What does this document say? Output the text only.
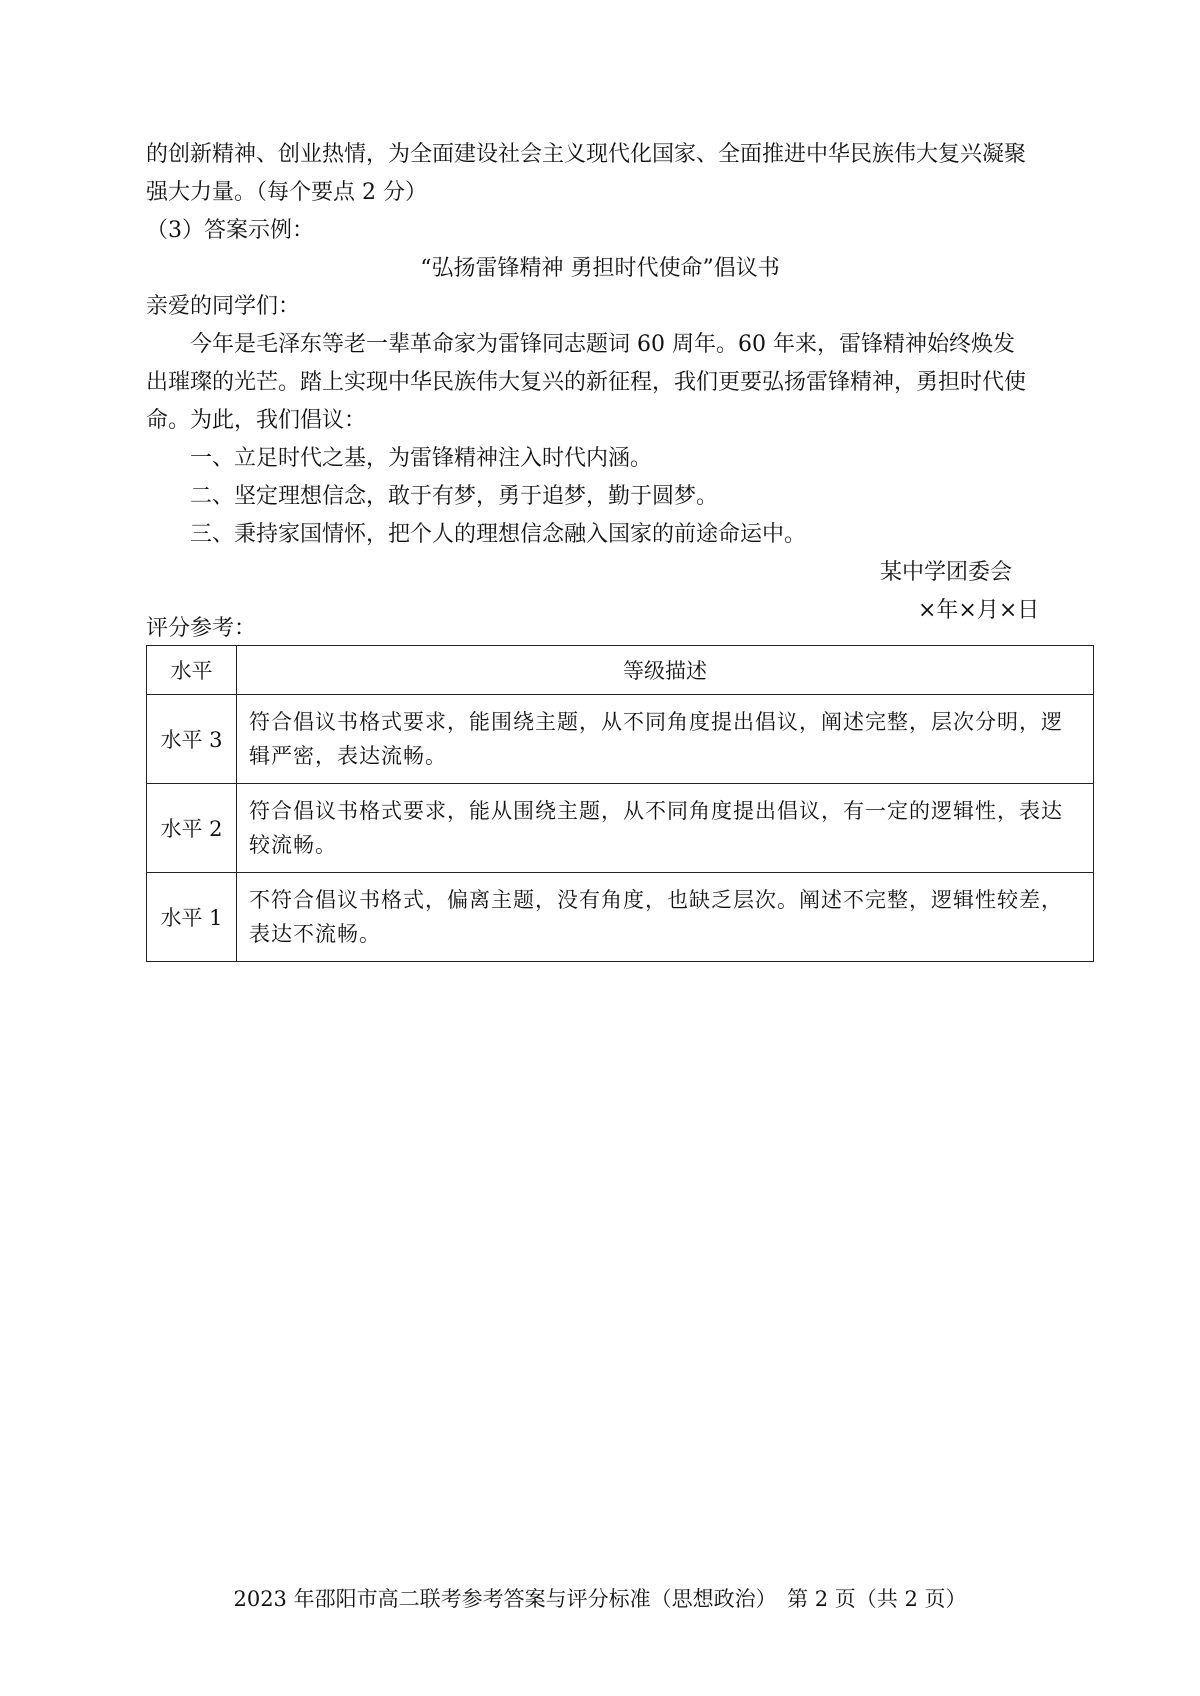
的创新精神、创业热情，为全面建设社会主义现代化国家、全面推进中华民族伟大复兴凝聚
强大力量。（每个要点 2 分）
（3）答案示例：
“弘扬雷锋精神 勇担时代使命”倡议书
亲爱的同学们：
今年是毛泽东等老一辈革命家为雷锋同志题词 60 周年。60 年来，雷锋精神始终焕发
出璀璨的光芒。踏上实现中华民族伟大复兴的新征程，我们更要弘扬雷锋精神，勇担时代使
命。为此，我们倡议：
一、立足时代之基，为雷锋精神注入时代内涵。
二、坚定理想信念，敢于有梦，勇于追梦，勤于圆梦。
三、秉持家国情怀，把个人的理想信念融入国家的前途命运中。
某中学团委会
×年×月×日
评分参考：
水平	等级描述
水平 3	符合倡议书格式要求，能围绕主题，从不同角度提出倡议，阐述完整，层次分明，逻辑严密，表达流畅。
水平 2	符合倡议书格式要求，能从围绕主题，从不同角度提出倡议，有一定的逻辑性，表达较流畅。
水平 1	不符合倡议书格式，偏离主题，没有角度，也缺乏层次。阐述不完整，逻辑性较差，表达不流畅。
2023 年邵阳市高二联考参考答案与评分标准（思想政治）　第 2 页（共 2 页）
